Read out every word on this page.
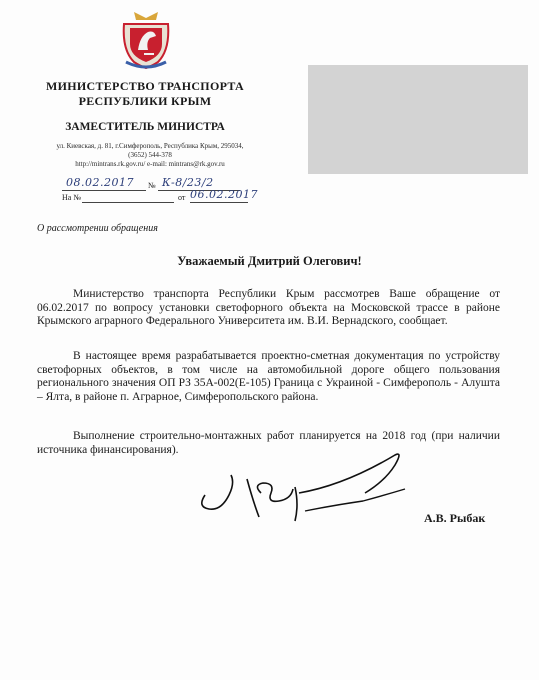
МИНИСТЕРСТВО ТРАНСПОРТА
РЕСПУБЛИКИ КРЫМ
ЗАМЕСТИТЕЛЬ МИНИСТРА
ул. Киевская, д. 81, г.Симферополь, Республика Крым, 295034,
(3652) 544-378
http://mintrans.rk.gov.ru/ e-mail: mintrans@rk.gov.ru
08.02.2017 № К-8/23/2
На №	от 06.02.2017
О рассмотрении обращения
Уважаемый Дмитрий Олегович!
Министерство транспорта Республики Крым рассмотрев Ваше обращение от 06.02.2017 по вопросу установки светофорного объекта на Московской трассе в районе Крымского аграрного Федерального Университета им. В.И. Вернадского, сообщает.
В настоящее время разрабатывается проектно-сметная документация по устройству светофорных объектов, в том числе на автомобильной дороге общего пользования регионального значения ОП РЗ 35А-002(Е-105) Граница с Украиной - Симферополь - Алушта – Ялта, в районе п. Аграрное, Симферопольского района.
Выполнение строительно-монтажных работ планируется на 2018 год (при наличии источника финансирования).
А.В. Рыбак
